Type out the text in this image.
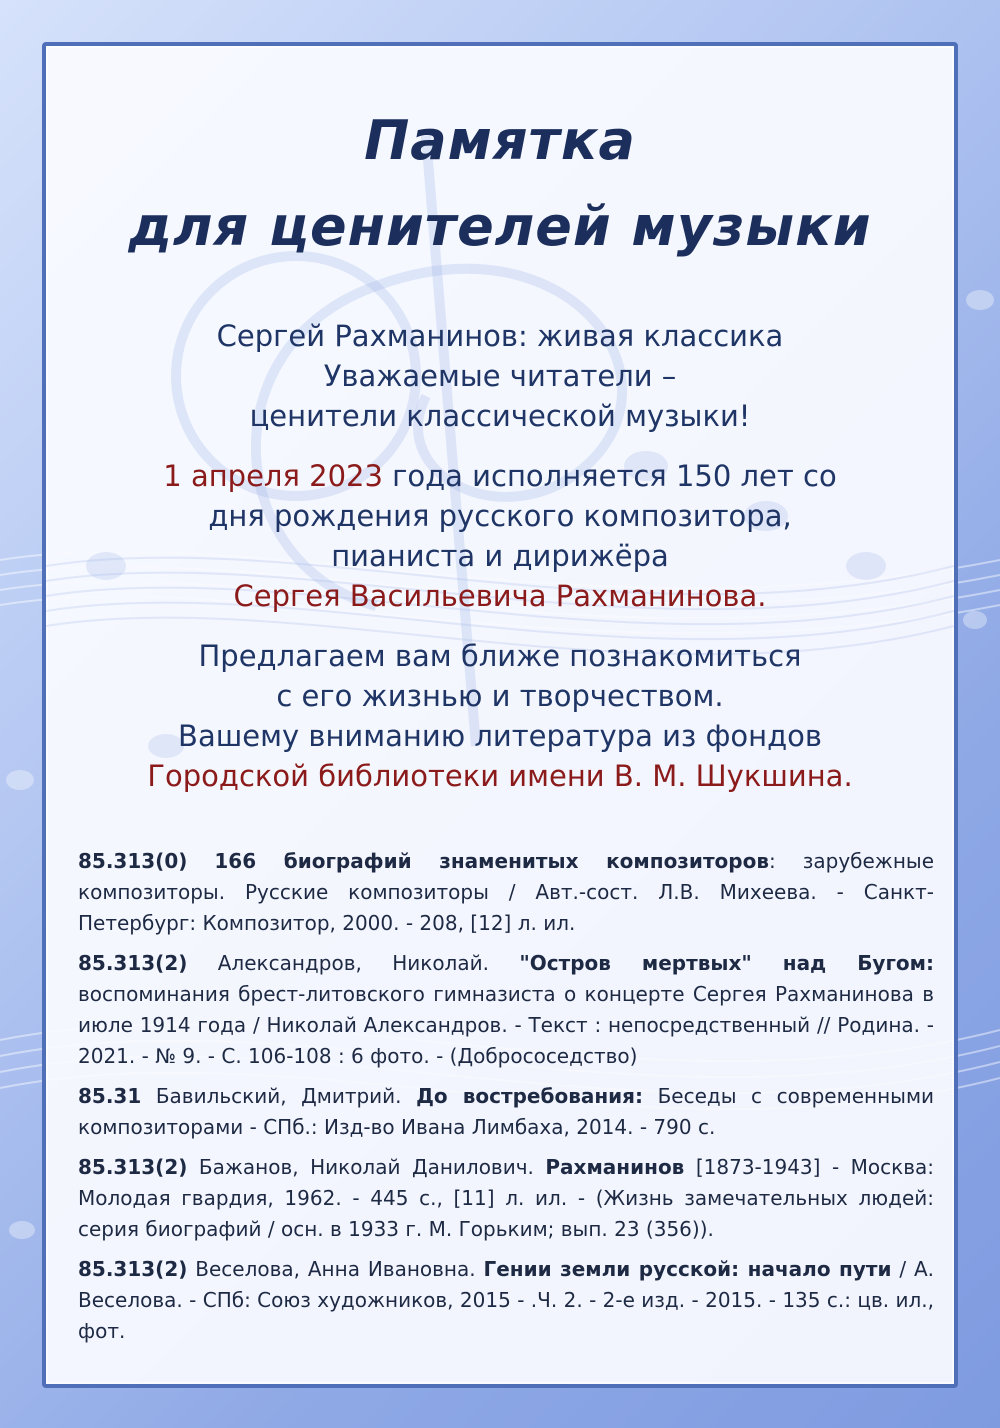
Памятка
для ценителей музыки
Сергей Рахманинов: живая классика
Уважаемые читатели –
ценители классической музыки!
1 апреля 2023 года исполняется 150 лет со
дня рождения русского композитора,
пианиста и дирижёра
Сергея Васильевича Рахманинова.
Предлагаем вам ближе познакомиться
с его жизнью и творчеством.
Вашему вниманию литература из фондов
Городской библиотеки имени В. М. Шукшина.

85.313(0) 166 биографий знаменитых композиторов: зарубежные композиторы. Русские композиторы / Авт.-сост. Л.В. Михеева. - Санкт-Петербург: Композитор, 2000. - 208, [12] л. ил.

85.313(2) Александров, Николай. "Остров мертвых" над Бугом: воспоминания брест-литовского гимназиста о концерте Сергея Рахманинова в июле 1914 года / Николай Александров. - Текст : непосредственный // Родина. - 2021. - № 9. - С. 106-108 : 6 фото. - (Добрососедство)

85.31 Бавильский, Дмитрий. До востребования: Беседы с современными композиторами - СПб.: Изд-во Ивана Лимбаха, 2014. - 790 с.

85.313(2) Бажанов, Николай Данилович. Рахманинов [1873-1943] - Москва: Молодая гвардия, 1962. - 445 с., [11] л. ил. - (Жизнь замечательных людей: серия биографий / осн. в 1933 г. М. Горьким; вып. 23 (356)).

85.313(2) Веселова, Анна Ивановна. Гении земли русской: начало пути / А. Веселова. - СПб: Союз художников, 2015 - .Ч. 2. - 2-е изд. - 2015. - 135 с.: цв. ил., фот.
